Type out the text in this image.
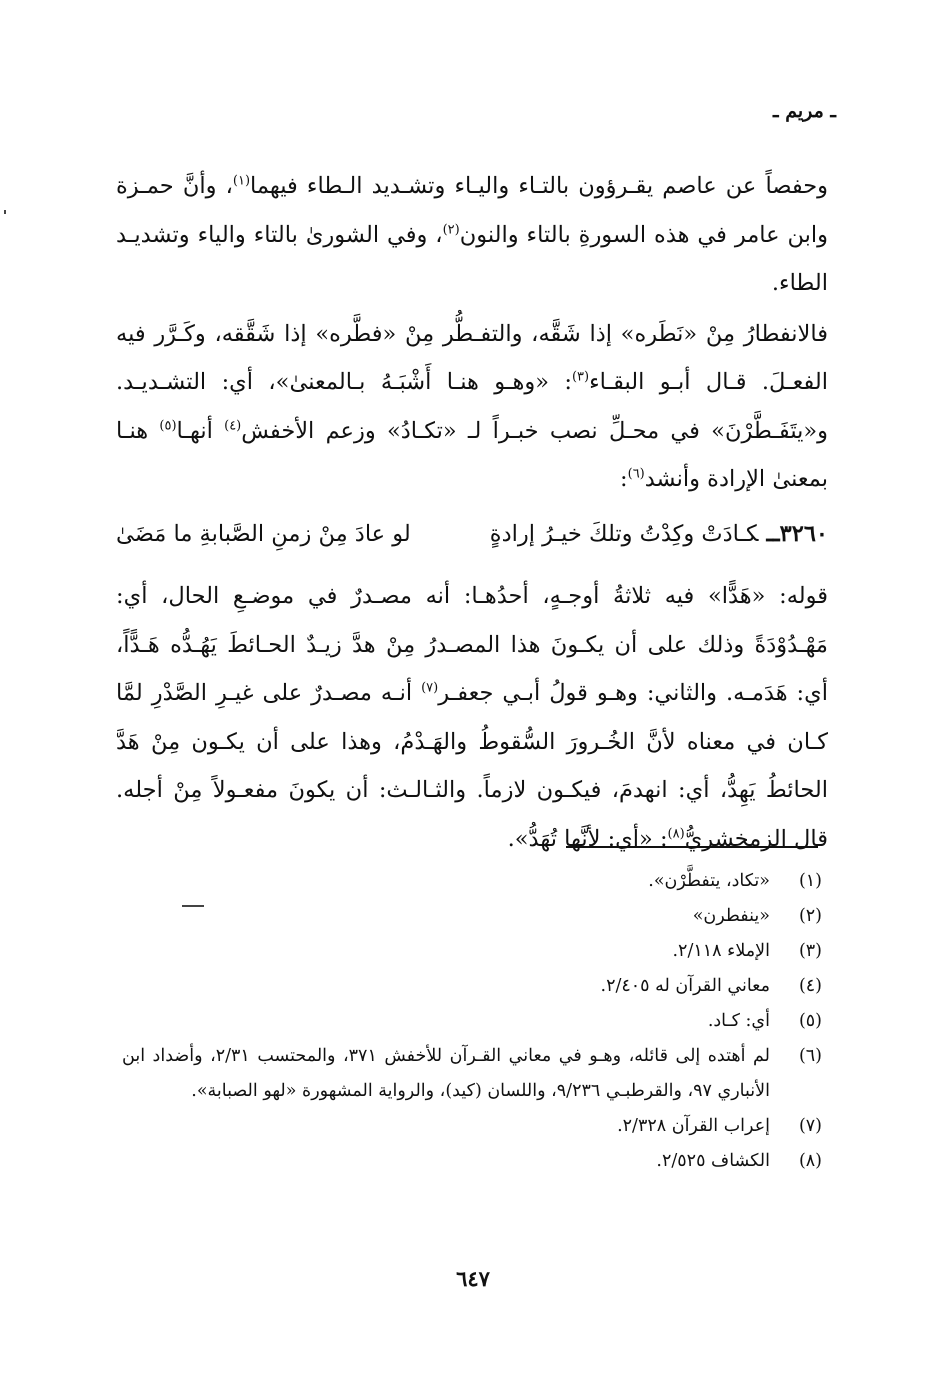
ـ مريم ـ

وحفصاً عن عاصم يقـرؤون بالتـاء واليـاء وتشـديد الـطاء فيهما$^{(١)}$، وأنَّ حمـزة وابن عامر في هذه السورةِ بالتاء والنون$^{(٢)}$، وفي الشورىٰ بالتاء والياء وتشديـد الطاء.

فالانفطارُ مِنْ «نَطَره» إذا شَقَّه، والتفـطُّر مِنْ «فطَّره» إذا شَقَّقه، وكَـرَّر فيه الفعـلَ. قـال أبـو البقـاء$^{(٣)}$: «وهـو هنـا أَشْبَـهُ بـالمعنىٰ»، أي: التشـديـد. و«يتَفَـطَّرْنَ» في محـلِّ نصب خبـراً لـ «تكـادُ» وزعم الأخفش$^{(٤)}$ أنهـا$^{(٥)}$ هنـا بمعنىٰ الإرادة وأنشد$^{(٦)}$:

٣٢٦٠ــكـادَتْ وكِدْتُ وتلكَ خيـرُ إرادةٍ
لو عادَ مِنْ زمنِ الصَّبابةِ ما مَضَىٰ

قوله: «هَدًّا» فيه ثلاثةُ أوجـهٍ، أحدُهـا: أنه مصـدرٌ في موضـعِ الحال، أي: مَهْـدُوْدَةً وذلك على أن يكـونَ هذا المصـدرُ مِنْ هدَّ زيـدٌ الحـائطَ يَهُـدُّه هَـدًّاً، أي: هَدَمـه. والثاني: وهـو قولُ أبـي جعفـر$^{(٧)}$ أنـه مصـدرٌ على غيـرِ الصَّدْرِ لمَّا كـان في معناه لأنَّ الخُـرورَ السُّقوطُ والهَـدْمُ، وهذا على أن يكـون مِنْ هَدَّ الحائطُ يَهِدُّ، أي: انهدمَ، فيكـون لازماً. والثـالـث: أن يكونَ مفعـولاً مِنْ أجله. قال الزمخشريُّ$^{(٨)}$: «أي: لأنَّها تُهَدُّ».

(١)
«تكاد، يتفطَّرْن».
(٢)
«ينفطرن»
(٣)
الإملاء ٢/١١٨.
(٤)
معاني القرآن له ٢/٤٠٥.
(٥)
أي: كـاد.
(٦)
لم أهتده إلى قائله، وهـو في معاني القـرآن للأخفش ٣٧١، والمحتسب ٢/٣١، وأضداد ابن الأنباري ٩٧، والقرطبـي ٩/٢٣٦، واللسان (كيد)، والرواية المشهورة «لهو الصبابة».
(٧)
إعراب القرآن ٢/٣٢٨.
(٨)
الكشاف ٢/٥٢٥.
٦٤٧
